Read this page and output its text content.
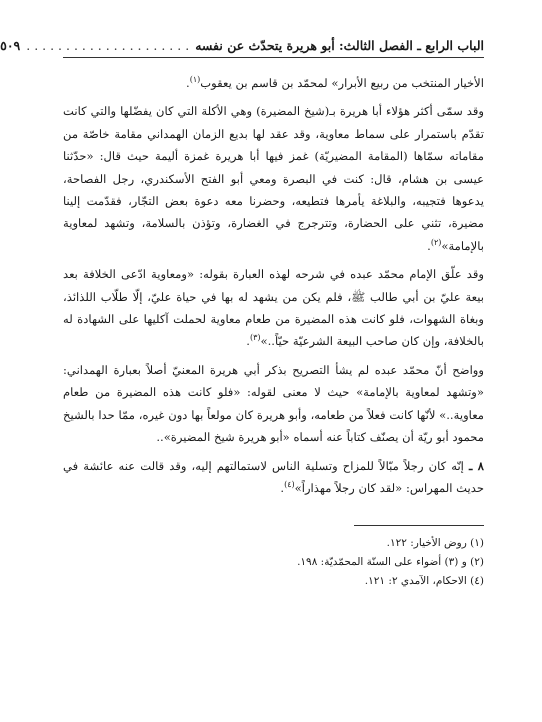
الباب الرابع ـ الفصل الثالث: أبو هريرة يتحدّث عن نفسه
. . . . . . . . . . . . . . . . . . . . .
٥٠٩

الأخيار المنتخب من ربيع الأبرار» لمحمّد بن قاسم بن يعقوب$^{(١)}$.

وقد سمّى أكثر هؤلاء أبا هريرة بـ(شيخ المضيرة) وهي الأكلة التي كان يفضّلها والتي كانت تقدّم باستمرار على سماط معاوية، وقد عقد لها بديع الزمان الهمداني مقامة خاصّة من مقاماته سمّاها (المقامة المضيريّة) غمز فيها أبا هريرة غمزة أليمة حيث قال: «حدّثنا عيسى بن هشام، قال: كنت في البصرة ومعي أبو الفتح الأسكندري، رجل الفصاحة، يدعوها فتجيبه، والبلاغة يأمرها فتطيعه، وحضرنا معه دعوة بعض التجّار، فقدّمت إلينا مضيرة، تثني على الحضارة، وتترجرج في الغضارة، وتؤذن بالسلامة، وتشهد لمعاوية بالإمامة»$^{(٢)}$.

وقد علّق الإمام محمّد عبده في شرحه لهذه العبارة بقوله: «ومعاوية ادّعى الخلافة بعد بيعة عليّ بن أبي طالب ﷺ، فلم يكن من يشهد له بها في حياة عليّ، إلّا طلّاب اللذائذ، وبغاة الشهوات، فلو كانت هذه المضيرة من طعام معاوية لحملت آكليها على الشهادة له بالخلافة، وإن كان صاحب البيعة الشرعيّة حيّاً..»$^{(٣)}$.

وواضح أنّ محمّد عبده لم يشأ التصريح بذكر أبي هريرة المعنيّ أصلاً بعبارة الهمداني: «وتشهد لمعاوية بالإمامة» حيث لا معنى لقوله: «فلو كانت هذه المضيرة من طعام معاوية..» لأنّها كانت فعلاً من طعامه، وأبو هريرة كان مولعاً بها دون غيره، ممّا حدا بالشيخ محمود أبو ريّة أن يصنّف كتاباً عنه أسماه «أبو هريرة شيخ المضيرة»..

٨ ـ إنّه كان رجلاً مبّالاً للمزاح وتسلية الناس لاستمالتهم إليه، وقد قالت عنه عائشة في حديث المهراس: «لقد كان رجلاً مهذاراً»$^{(٤)}$.

(١) روض الأخيار: ١٢٢.
(٢) و (٣) أضواء على السنّة المحمّديّة: ١٩٨.
(٤) الاحكام، الآمدي ٢: ١٢١.
